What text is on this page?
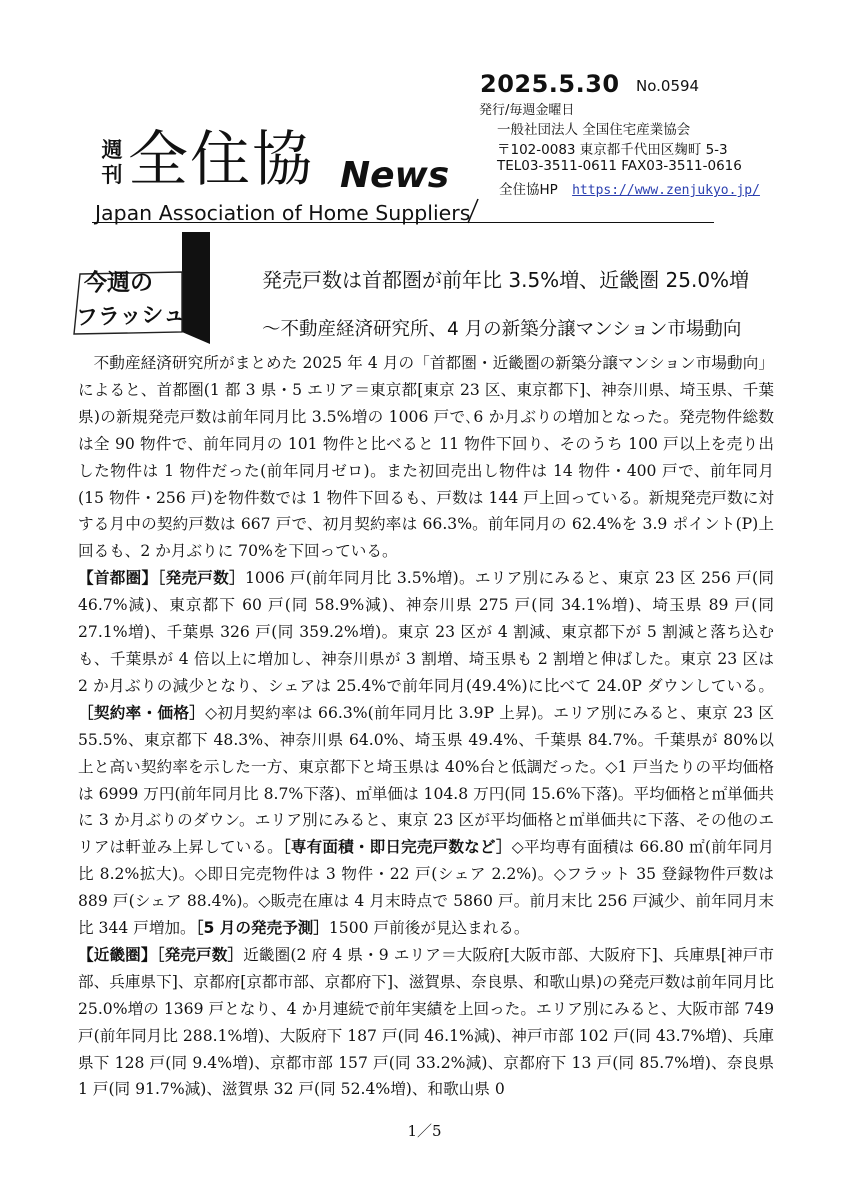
2025.5.30 No.0594
発行/毎週金曜日
一般社団法人 全国住宅産業協会
〒102-0083 東京都千代田区麹町 5-3
TEL03-3511-0611 FAX03-3511-0616
全住協HP https://www.zenjukyo.jp/
週刊 全住協 News
Japan Association of Home Suppliers
今週の
フラッシュ
発売戸数は首都圏が前年比 3.5%増、近畿圏 25.0%増
～不動産経済研究所、4 月の新築分譲マンション市場動向

不動産経済研究所がまとめた 2025 年 4 月の「首都圏・近畿圏の新築分譲マンション市場動向」によると、首都圏(1 都 3 県・5 エリア＝東京都[東京 23 区、東京都下]、神奈川県、埼玉県、千葉県)の新規発売戸数は前年同月比 3.5%増の 1006 戸で､6 か月ぶりの増加となった。発売物件総数は全 90 物件で、前年同月の 101 物件と比べると 11 物件下回り、そのうち 100 戸以上を売り出した物件は 1 物件だった(前年同月ゼロ)。また初回売出し物件は 14 物件・400 戸で、前年同月(15 物件・256 戸)を物件数では 1 物件下回るも、戸数は 144 戸上回っている。新規発売戸数に対する月中の契約戸数は 667 戸で、初月契約率は 66.3%。前年同月の 62.4%を 3.9 ポイント(P)上回るも、2 か月ぶりに 70%を下回っている。

【首都圏】［発売戸数］1006 戸(前年同月比 3.5%増)。エリア別にみると、東京 23 区 256 戸(同 46.7%減)、東京都下 60 戸(同 58.9%減)、神奈川県 275 戸(同 34.1%増)、埼玉県 89 戸(同 27.1%増)、千葉県 326 戸(同 359.2%増)。東京 23 区が 4 割減、東京都下が 5 割減と落ち込むも、千葉県が 4 倍以上に増加し、神奈川県が 3 割増、埼玉県も 2 割増と伸ばした。東京 23 区は 2 か月ぶりの減少となり、シェアは 25.4%で前年同月(49.4%)に比べて 24.0P ダウンしている。［契約率・価格］◇初月契約率は 66.3%(前年同月比 3.9P 上昇)。エリア別にみると、東京 23 区 55.5%、東京都下 48.3%、神奈川県 64.0%、埼玉県 49.4%、千葉県 84.7%。千葉県が 80%以上と高い契約率を示した一方、東京都下と埼玉県は 40%台と低調だった。◇1 戸当たりの平均価格は 6999 万円(前年同月比 8.7%下落)、㎡単価は 104.8 万円(同 15.6%下落)。平均価格と㎡単価共に 3 か月ぶりのダウン。エリア別にみると、東京 23 区が平均価格と㎡単価共に下落、その他のエリアは軒並み上昇している。［専有面積・即日完売戸数など］◇平均専有面積は 66.80 ㎡(前年同月比 8.2%拡大)。◇即日完売物件は 3 物件・22 戸(シェア 2.2%)。◇フラット 35 登録物件戸数は 889 戸(シェア 88.4%)。◇販売在庫は 4 月末時点で 5860 戸。前月末比 256 戸減少、前年同月末比 344 戸増加。［5 月の発売予測］1500 戸前後が見込まれる。

【近畿圏】［発売戸数］近畿圏(2 府 4 県・9 エリア＝大阪府[大阪市部、大阪府下]、兵庫県[神戸市部、兵庫県下]、京都府[京都市部、京都府下]、滋賀県、奈良県、和歌山県)の発売戸数は前年同月比 25.0%増の 1369 戸となり、4 か月連続で前年実績を上回った。エリア別にみると、大阪市部 749 戸(前年同月比 288.1%増)、大阪府下 187 戸(同 46.1%減)、神戸市部 102 戸(同 43.7%増)、兵庫県下 128 戸(同 9.4%増)、京都市部 157 戸(同 33.2%減)、京都府下 13 戸(同 85.7%増)、奈良県 1 戸(同 91.7%減)、滋賀県 32 戸(同 52.4%増)、和歌山県 0

1／5
